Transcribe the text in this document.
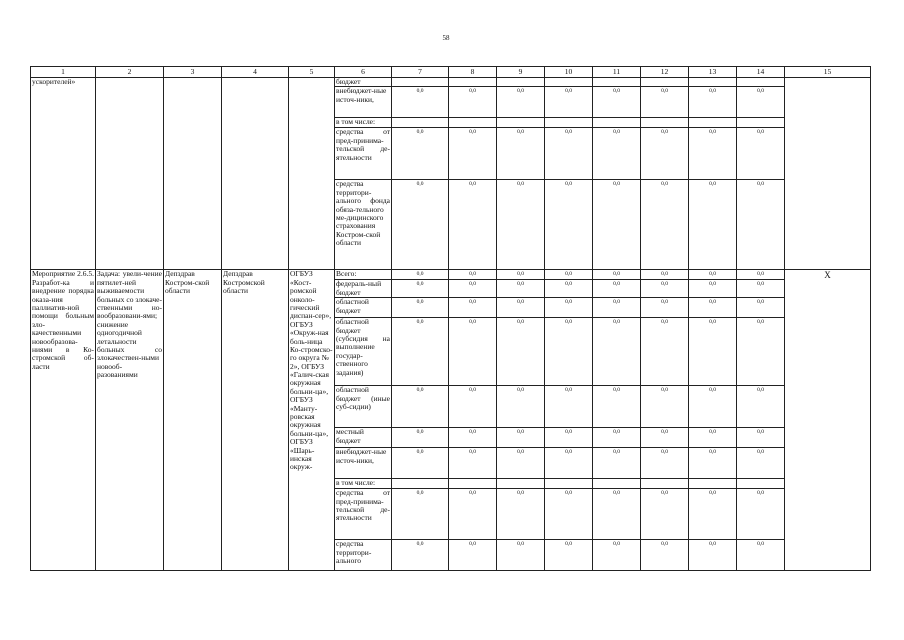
58
1	2	3	4	5	6	7	8	9	10	11	12	13	14	15

ускорителей»					бюджет									

					внебюджет-ные источ-ники,	0,0	0,0	0,0	0,0	0,0	0,0	0,0	0,0	

					в том числе:									

					средства от пред-принима-тельской де-ятельности	0,0	0,0	0,0	0,0	0,0	0,0	0,0	0,0	

					средства территори-ального фонда обяза-тельного ме-дицинского страхования Костром-ской области	0,0	0,0	0,0	0,0	0,0	0,0	0,0	0,0	

Мероприятие 2.6.5. Разработ-ка и внедрение порядка оказа-ния паллиатив-ной помощи больным зло-качественными новообразова-ниями в Ко-стромской об-ласти	Задача: увели-чение пятилет-ней выживаемости больных со злокаче-ственными но-вообразовани-ями; снижение одногодичной летальности больных со злокачествен-ными новооб-разованиями	Депздрав Костром-ской области	Депздрав Костромской области	ОГБУЗ «Кост-ромской онколо-гический диспан-сер», ОГБУЗ «Окруж-ная боль-ница Ко-стромско-го округа № 2», ОГБУЗ «Галич-ская окружная больни-ца», ОГБУЗ «Манту-ровская окружная больни-ца», ОГБУЗ «Шарь-инская окруж-	Всего:	0,0	0,0	0,0	0,0	0,0	0,0	0,0	0,0	X

					федераль-ный бюджет	0,0	0,0	0,0	0,0	0,0	0,0	0,0	0,0	

					областной бюджет	0,0	0,0	0,0	0,0	0,0	0,0	0,0	0,0	

					областной бюджет (субсидия на выполнение государ-ственного задания)	0,0	0,0	0,0	0,0	0,0	0,0	0,0	0,0	

					областной бюджет (иные суб-сидии)	0,0	0,0	0,0	0,0	0,0	0,0	0,0	0,0	

					местный бюджет	0,0	0,0	0,0	0,0	0,0	0,0	0,0	0,0	

					внебюджет-ные источ-ники,	0,0	0,0	0,0	0,0	0,0	0,0	0,0	0,0	

					в том числе:									

					средства от пред-принима-тельской де-ятельности	0,0	0,0	0,0	0,0	0,0	0,0	0,0	0,0	

					средства территори-ального	0,0	0,0	0,0	0,0	0,0	0,0	0,0	0,0	
